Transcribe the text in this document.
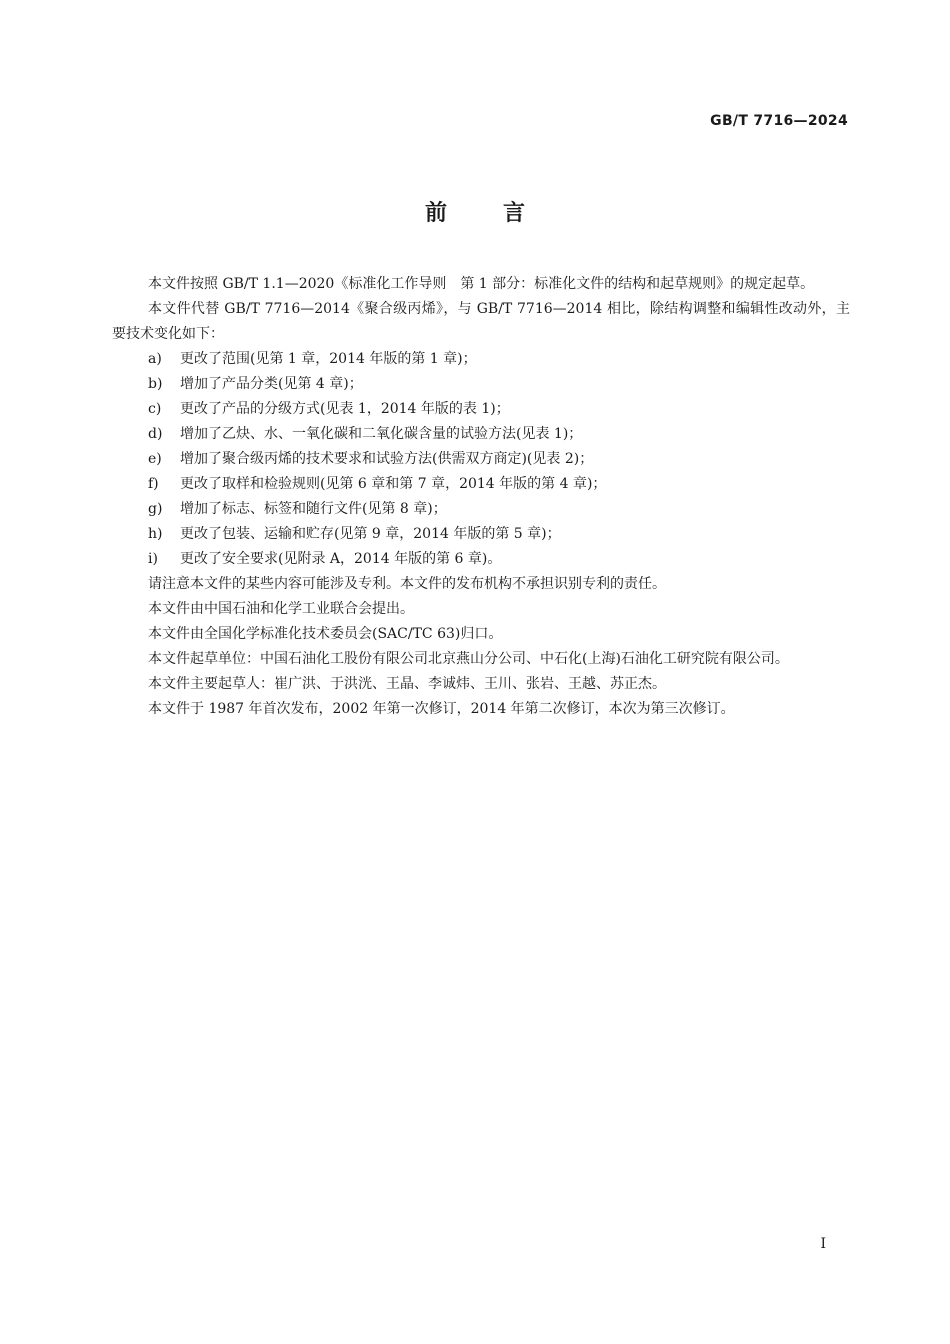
GB/T 7716—2024
前言

本文件按照 GB/T 1.1—2020《标准化工作导则　第 1 部分：标准化文件的结构和起草规则》的规定起草。

本文件代替 GB/T 7716—2014《聚合级丙烯》，与 GB/T 7716—2014 相比，除结构调整和编辑性改动外，主要技术变化如下：

a)	更改了范围(见第 1 章，2014 年版的第 1 章)；

b)	增加了产品分类(见第 4 章)；

c)	更改了产品的分级方式(见表 1，2014 年版的表 1)；

d)	增加了乙炔、水、一氧化碳和二氧化碳含量的试验方法(见表 1)；

e)	增加了聚合级丙烯的技术要求和试验方法(供需双方商定)(见表 2)；

f)	更改了取样和检验规则(见第 6 章和第 7 章，2014 年版的第 4 章)；

g)	增加了标志、标签和随行文件(见第 8 章)；

h)	更改了包装、运输和贮存(见第 9 章，2014 年版的第 5 章)；

i)	更改了安全要求(见附录 A，2014 年版的第 6 章)。

请注意本文件的某些内容可能涉及专利。本文件的发布机构不承担识别专利的责任。

本文件由中国石油和化学工业联合会提出。

本文件由全国化学标准化技术委员会(SAC/TC 63)归口。

本文件起草单位：中国石油化工股份有限公司北京燕山分公司、中石化(上海)石油化工研究院有限公司。

本文件主要起草人：崔广洪、于洪洸、王晶、李诚炜、王川、张岩、王越、苏正杰。

本文件于 1987 年首次发布，2002 年第一次修订，2014 年第二次修订，本次为第三次修订。

I
